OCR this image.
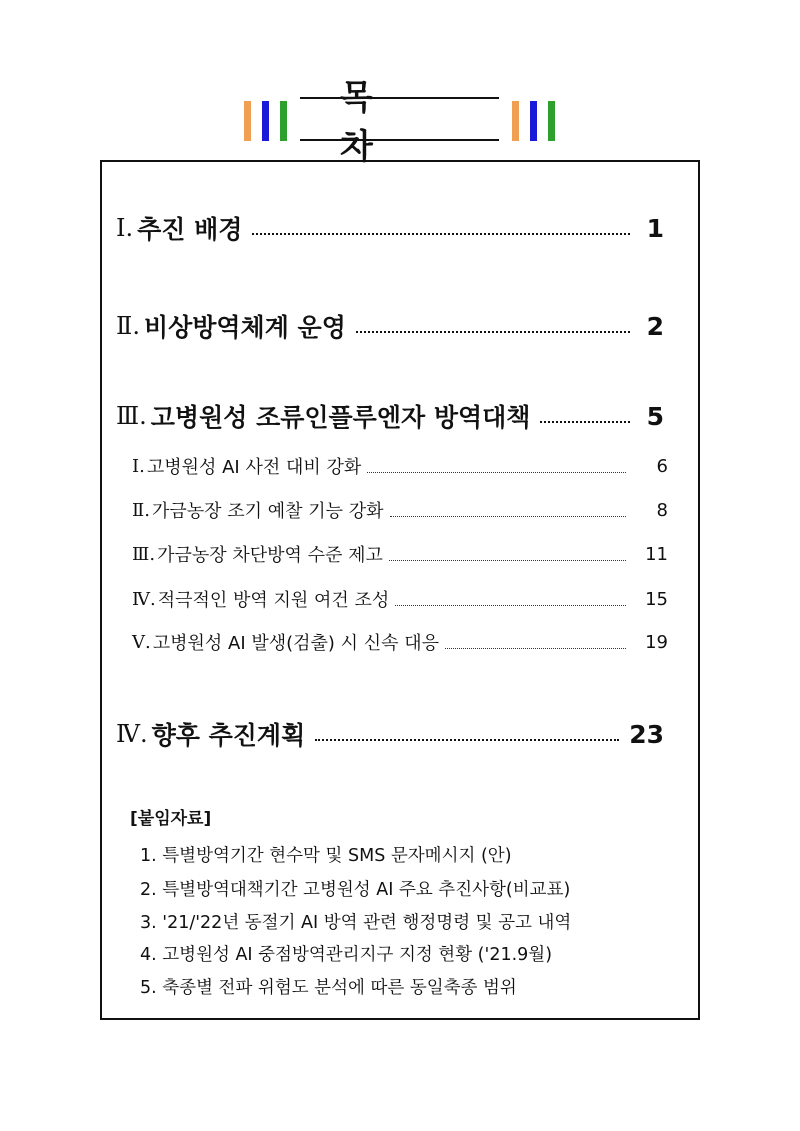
목 차
Ⅰ. 추진 배경	1
Ⅱ. 비상방역체계 운영	2
Ⅲ. 고병원성 조류인플루엔자 방역대책	5
Ⅰ. 고병원성 AI 사전 대비 강화	6
Ⅱ. 가금농장 조기 예찰 기능 강화	8
Ⅲ. 가금농장 차단방역 수준 제고	11
Ⅳ. 적극적인 방역 지원 여건 조성	15
Ⅴ. 고병원성 AI 발생(검출) 시 신속 대응	19
Ⅳ. 향후 추진계획	23
[붙임자료]
1. 특별방역기간 현수막 및 SMS 문자메시지 (안)
2. 특별방역대책기간 고병원성 AI 주요 추진사항(비교표)
3. '21/'22년 동절기 AI 방역 관련 행정명령 및 공고 내역
4. 고병원성 AI 중점방역관리지구 지정 현황 ('21.9월)
5. 축종별 전파 위험도 분석에 따른 동일축종 범위
